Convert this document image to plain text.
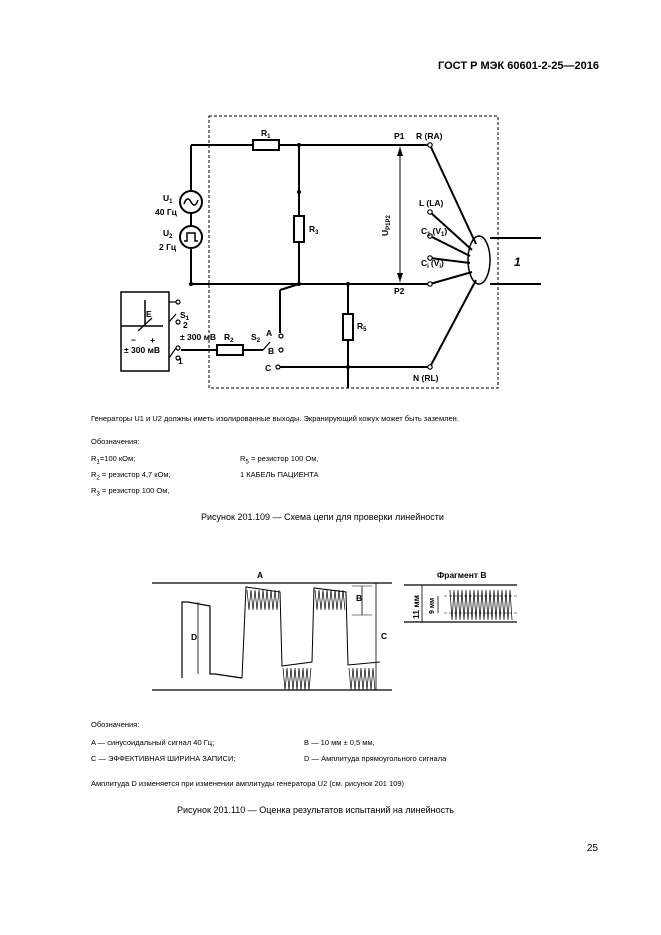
ГОСТ Р МЭК 60601-2-25—2016
$R_1$
$R_3$
$R_5$
$R_2$
$U_1$
40 Гц
$U_2$
2 Гц
P1
P2
R (RA)
L (LA)
$C_1$ $(V_1)$
$C_i$ $(V_i)$
N (RL)
1
$U_{P1P2}$
E
+
−
± 300 мВ
± 300 мВ
$S_1$
2
1
$S_2$
A
B
C
Генераторы U1 и U2 должны иметь изолированные выходы. Экранирующий кожух может быть заземлен.
Обозначения:
$R_1=100$ кОм;
$R_2$ = резистор 4,7 кОм;
$R_3$ = резистор 100 Ом,
$R_5$ = резистор 100 Ом,
1 КАБЕЛЬ ПАЦИЕНТА
Рисунок 201.109 — Схема цепи для проверки линейности
A
B
C
D
Фрагмент B
11 мм 9 мм
Обозначения:
A — синусоидальный сигнал 40 Гц;	B — 10 мм ± 0,5 мм,
C — ЭФФЕКТИВНАЯ ШИРИНА ЗАПИСИ;	D — Амплитуда прямоугольного сигнала
Амплитуда D изменяется при изменении амплитуды генератора U2 (см. рисунок 201 109)
Рисунок 201.110 — Оценка результатов испытаний на линейность
25
